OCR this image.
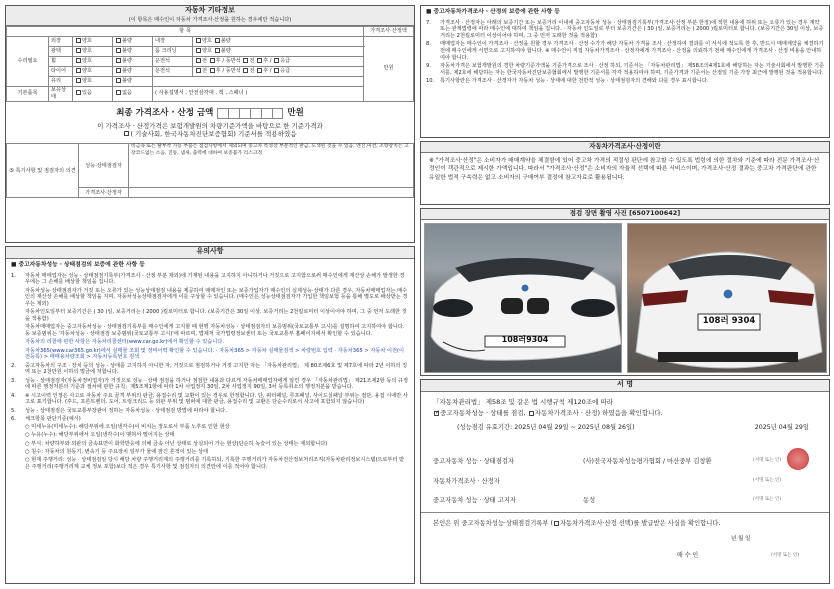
자동차 기타정보
(이 항목은 매수인이 자동차 가격조사·산정을 원하는 경우에만 적습니다)
항 목						가격조사·산정액
수리필요	외장	양호	불량	내장	양호 불량	만원
	광택	양호	불량	룸 크리닝	양호 불량	
	휠	양호	불량	운전석	전 후 / 동반석 전 후 / 응급	
	타이어	양호	불량	운전석	전 후 / 동반석 전 후 / 응급	
	유리	양호	불량			
기본품목	보유상태	있음	없음	( 사용설명서 , 안전삼각대 , 잭 , 스패너 )		
최종 가격조사 · 산정 금액	만원
이 가격조사 · 산정가격은 보험개발원의 차량기준가액을 바탕으로 한 기준가격과
( 기술사회, 한국자동차진단보증협회) 기준서를 적용하였음
⑤ 특기사항 및 점검자의 의견	성능·상태점검자	비금속 또는 탈부착 가능 부품은 점검사항에서 제외되며 중고차 특성상 부분적인 판금, 도색된 것을 수 있음. 엔진,미션, 조향장치는 고장코드없는 소음, 진동, 냄새, 출력에 대하여 보증불가 리스크정
	가격조사·산정자	
유의사항
■ 중고자동차성능 · 상태점검의 보증에 관한 사항 등
1.	자동차 매매업자는 성능 · 상태점검기록부(가격조사 · 산정 부분 제외)에 기재된 내용을 고지하지 아니하거나 거짓으로 고지함으로써 매수인에게 재산상 손해가 발생한 경우에는 그 손해를 배상할 책임을 집니다.
자동차성능·상태점검자가 거짓 또는 오류가 있는 성능상태점검 내용을 제공하여 매매자인 또는 보증가입자가 매수인의 실제성능·상태가 다른 경우, 자동차매매업자는 매수인의 재산상 손해를 배상할 책임을 지며, 자동차성능상태점검자에게 이를 구상할 수 있습니다. (매수인은 성능상태점검자가 가입한 책임보험 등을 통해 별도로 배상받는 경우는 제외)
자동차인도일부터 보증기간은 ( 30 )일, 보증거리는 ( 2000 )킬로미터로 합니다. (보증기간은 30일 이상, 보증거리는 2천킬로미터 이상이어야 하며, 그 중 먼저 도래한 것을 적용함)
자동차매매업자는 중고자동차성능 · 상태점검기록부를 매수인에게 고지할 때 현행 자동차성능 · 상태점검자의 보증범위(국토교통부 고시)를 설명하여 고지하여야 합니다. 동 보증범위는 '자동차성능 · 상태점검 보증범위(국토교통부 고시)'에 따르며, 법제처 국가법령정보센터 또는 국토교통부 홈페이지에서 확인할 수 있습니다.
자동차의 리콜에 관한 사항은 자동차리콜센터(www.car.go.kr)에서 확인할 수 있습니다.
자동차365(www.car365.go.kr)에서 실매물 조회 및 정비이력 확인할 수 있습니다. · 자동차365 > 자동차 실매물검색 > 차량번호 입력 · 자동차365 > 자동차 이전(이전등록) > 매매용차량조회 > 자동차등록번호 검색
2.	중고자동차의 구조 · 장치 등의 성능 · 상태를 고지하지 아니한 자, 거짓으로 점검하거나 거짓 고지한 자는 「자동차관리법」 제 80조제6호 및 제7호에 따라 2년 이하의 징역 또는 2천만원 이하의 벌금에 처합니다.
3.	성능 · 상태점검자(자동차정비업자)가 거짓으로 성능 · 상태 점검을 하거나 점검한 내용과 다르게 자동차매매업자에게 알린 경우 「자동차관리법」 제21조제2항 등의 규정에 따른 행정처분의 기준과 절차에 관한 규칙」제5조제1항에 따라 1차 사업정지 30일, 2차 사업정지 90일, 3차 등록취소의 행정처분을 받습니다.
4.	※ 시고이력 인정은 사고로 자동차 주요 골격 부위의 판금, 용접수리 및 교환이 있는 경우로 한정합니다. 단, 쿼터패널, 루프패널, 사이드실패널 부위는 절단, 용접 시에만 사고로 표기합니다. (후드, 프론트펜더, 도어, 트렁크리드 등 외판 부위 및 범퍼에 대한 판금, 용접수리 및 교환은 단순수리로서 사고에 포함되지 않습니다)
5.	성능 · 상태점검은 국토교통부장관이 정하는 자동차성능 · 상태점검 방법에 따라야 합니다.
6.	체크항목 판단기준(예시)
○ 미세누유(미세누수): 해당부위에 오일(냉각수)이 비치는 정도로서 부품 노후로 인한 현상
○ 누유(누수): 해당부위에서 오일(냉각수)이 맺혀서 떨어지는 상태
○ 부식: 차량하부와 외판의 금속표면이 화학반응에 의해 금속 아닌 상태로 상실되어 가는 현상(단순히 녹슬어 있는 상태는 제외합니다)
○ 침수: 자동차의 원동기, 변속기 등 주요장치 일부가 물에 잠긴 흔적이 있는 상태
○ 현재 주행거리: 성능 · 상태점검일 당시 해당 차량 주행거리계의 주행거리를 기록하되, 기록한 주행거리가 자동차전산정보처리조직(자동차관리정보시스템)으로부터 받은 주행거리(주행거리계 교체 정보 포함)보다 적은 경우 특기사항 및 점검자의 의견란에 이를 적어야 합니다.
■ 중고자동차가격조사 · 산정의 보증에 관한 사항 등
7.	가격조사 · 산정자는 아래의 보증기간 또는 보증거리 이내에 중고자동차 성능 · 상태점검기록부(가격조사·산정 부분 한정)에 적힌 내용에 허위 또는 오류가 있는 경우 계약 또는 관계법령에 따라 매수인에 대하여 책임을 집니다. · 자동차 인도일로 부터 보증기간은 ( 30 )일, 보증거리는 ( 2000 )킬로미터로 합니다. (보증기간은 30일 이상, 보증거리는 2천킬로미터 이상이어야 하며, 그 중 먼저 도래한 것을 적용함)
8.	매매업자는 매수인이 가격조사 · 산정을 원할 경우 가격조사 · 산정 수가가 해당 자동차 가격을 조사 · 산정하여 결과를 이 서식에 적도록 한 후, 반드시 매매계약을 체결하기 전에 매수인에게 서면으로 고지하여야 합니다. ※ 매수인이 직접 자동차가격조사 · 산정자에게 가격조사 · 산정을 의뢰하기 전에 매수인에게 가격조사 · 산정 비용을 안내하여야 합니다.
9.	자동차가격은 보험개발원의 경한 차량기준가액을 기준가격으로 조사 · 산정 하되, 기준서는 「자동차관리법」 제58조의4제1호에 해당하는 자는 기술사회에서 발행한 기준서를, 제2호에 해당하는 자는 한국자동차진단보증협회에서 발행한 기준서를 각각 적용하여야 하며, 기준가격과 기준서는 산정일 기준 가장 최근에 발행된 것을 적용합니다.
10.	특기사항란은 가격조사 · 산정자가 자동차 성능 · 상태에 대한 전반적 성능 · 상태점검자의 견해와 다를 경우 표시합니다.
자동차가격조사·산정이란
※ "가격조사·산정"은 소비자가 매매계약을 체결함에 있어 중고차 가격의 적절성 판단에 참고할 수 있도록 법령에 의한 절차와 기준에 따라 전문 가격조사·산정인이 객관적으로 제시한 가액입니다. 따라서 "가격조사·산정"은 소비자의 자율적 선택에 따른 서비스이며, 가격조사·산정 결과는 중고차 가격판단에 관한 유일한 법적 구속력은 없고 소비자의 구매여부 결정에 참고자료로 활용됩니다.
점검 장면 촬영 사진 [6507100642]
108러9304
108러 9304
서 명
「자동차관리법」 제58조 및 같은 법 시행규칙 제120조에 따라
✓ 중고자동차성능 · 상태를 점검, 자동차가격조사 · 산정) 하였음을 확인합니다.
(성능점검 유효기간: 2025년 04월 29일 ~ 2025년 08월 26일)	2025년 04월 29일
중고자동차 성능 · 상태점검자	(사)전국자동차성능평가협회 / 마산중부 김창환	(서명 또는 인)
자동차가격조사 · 산정자	(서명 또는 인)
중고자동차 성능 · 상태 고지자	동성	(서명 또는 인)
본인은 위 중고자동차성능·상태점검기록부 ( 자동차가격조사·산정 선택)를 발급받은 사실을 확인합니다.
년 월 일
매 수 인	(서명 또는 인)
